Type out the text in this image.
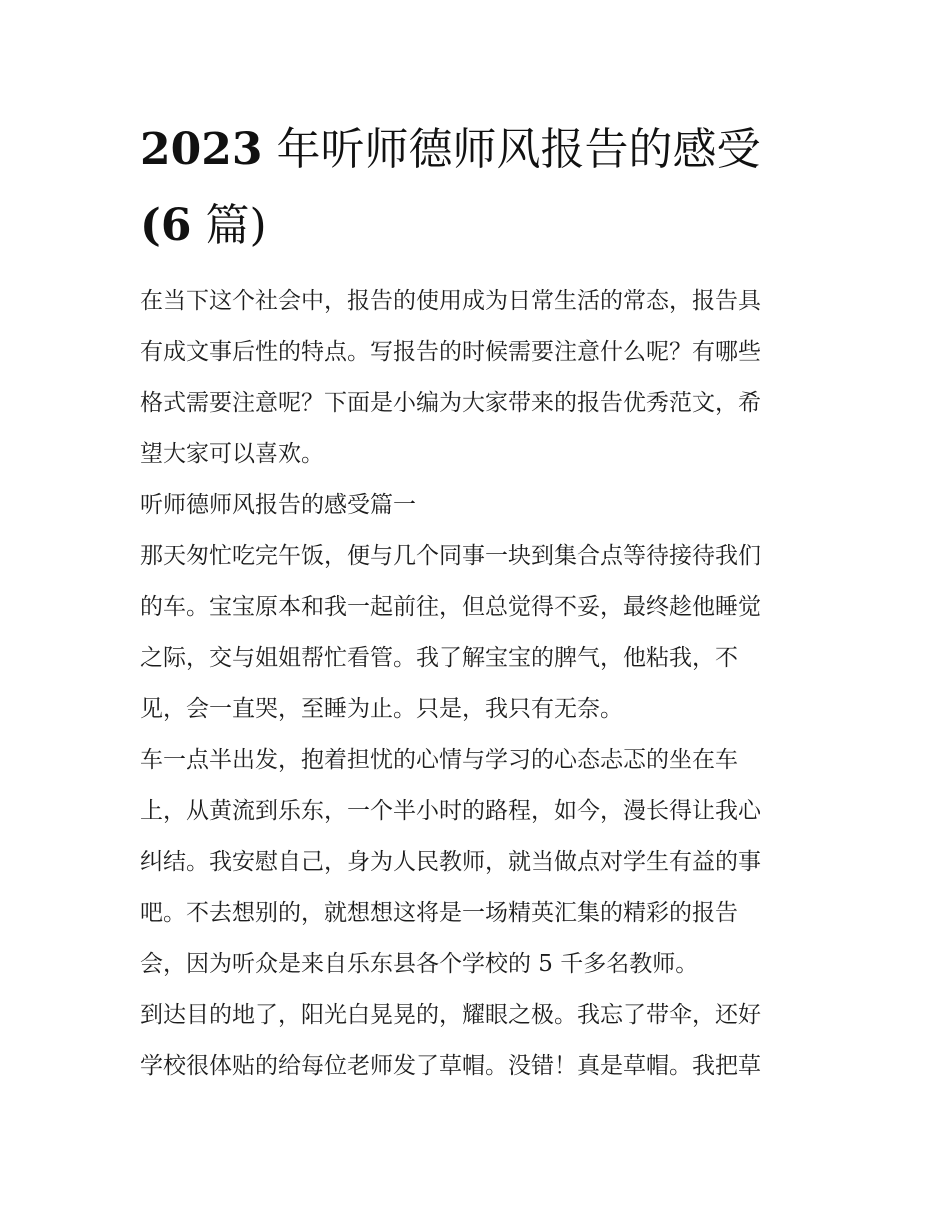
2023 年听师德师风报告的感受
(6 篇)

在当下这个社会中，报告的使用成为日常生活的常态，报告具
有成文事后性的特点。写报告的时候需要注意什么呢？有哪些
格式需要注意呢？下面是小编为大家带来的报告优秀范文，希
望大家可以喜欢。

听师德师风报告的感受篇一

那天匆忙吃完午饭，便与几个同事一块到集合点等待接待我们
的车。宝宝原本和我一起前往，但总觉得不妥，最终趁他睡觉
之际，交与姐姐帮忙看管。我了解宝宝的脾气，他粘我，不
见，会一直哭，至睡为止。只是，我只有无奈。

车一点半出发，抱着担忧的心情与学习的心态忐忑的坐在车
上，从黄流到乐东，一个半小时的路程，如今，漫长得让我心
纠结。我安慰自己，身为人民教师，就当做点对学生有益的事
吧。不去想别的，就想想这将是一场精英汇集的精彩的报告
会，因为听众是来自乐东县各个学校的 5 千多名教师。

到达目的地了，阳光白晃晃的，耀眼之极。我忘了带伞，还好
学校很体贴的给每位老师发了草帽。没错！真是草帽。我把草
